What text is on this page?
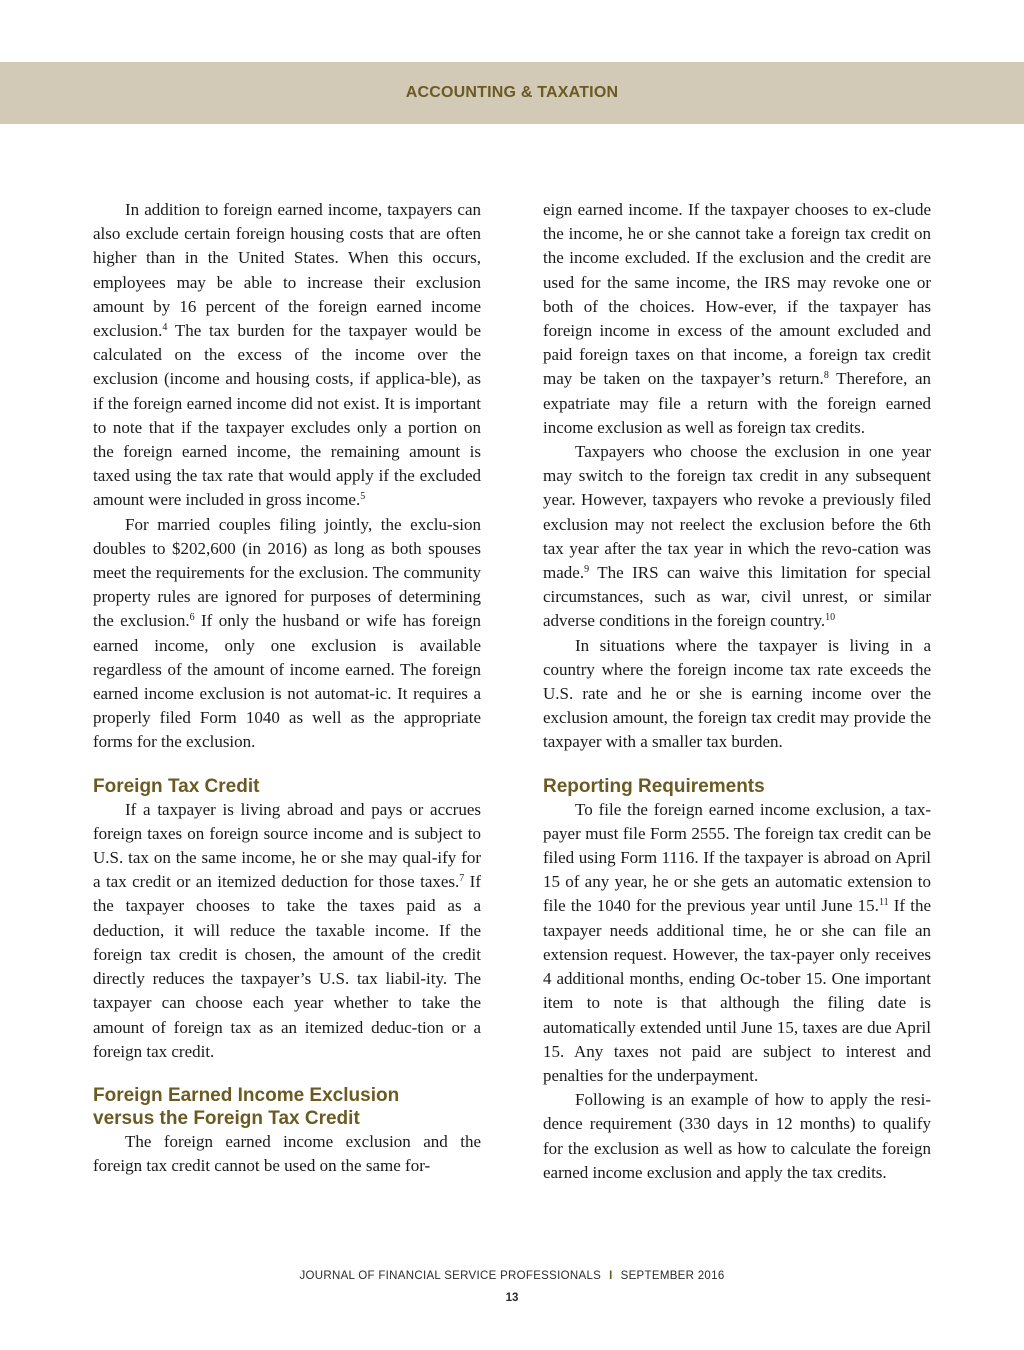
ACCOUNTING & TAXATION

In addition to foreign earned income, taxpayers can also exclude certain foreign housing costs that are often higher than in the United States. When this occurs, employees may be able to increase their exclusion amount by 16 percent of the foreign earned income exclusion.$^4$ The tax burden for the taxpayer would be calculated on the excess of the income over the exclusion (income and housing costs, if applica-ble), as if the foreign earned income did not exist. It is important to note that if the taxpayer excludes only a portion on the foreign earned income, the remaining amount is taxed using the tax rate that would apply if the excluded amount were included in gross income.$^5$

For married couples filing jointly, the exclu-sion doubles to $202,600 (in 2016) as long as both spouses meet the requirements for the exclusion. The community property rules are ignored for purposes of determining the exclusion.$^6$ If only the husband or wife has foreign earned income, only one exclusion is available regardless of the amount of income earned. The foreign earned income exclusion is not automat-ic. It requires a properly filed Form 1040 as well as the appropriate forms for the exclusion.

Foreign Tax Credit

If a taxpayer is living abroad and pays or accrues foreign taxes on foreign source income and is subject to U.S. tax on the same income, he or she may qual-ify for a tax credit or an itemized deduction for those taxes.$^7$ If the taxpayer chooses to take the taxes paid as a deduction, it will reduce the taxable income. If the foreign tax credit is chosen, the amount of the credit directly reduces the taxpayer’s U.S. tax liabil-ity. The taxpayer can choose each year whether to take the amount of foreign tax as an itemized deduc-tion or a foreign tax credit.

Foreign Earned Income Exclusion
versus the Foreign Tax Credit

The foreign earned income exclusion and the foreign tax credit cannot be used on the same for-

eign earned income. If the taxpayer chooses to ex-clude the income, he or she cannot take a foreign tax credit on the income excluded. If the exclusion and the credit are used for the same income, the IRS may revoke one or both of the choices. How-ever, if the taxpayer has foreign income in excess of the amount excluded and paid foreign taxes on that income, a foreign tax credit may be taken on the taxpayer’s return.$^8$ Therefore, an expatriate may file a return with the foreign earned income exclusion as well as foreign tax credits.

Taxpayers who choose the exclusion in one year may switch to the foreign tax credit in any subsequent year. However, taxpayers who revoke a previously filed exclusion may not reelect the exclusion before the 6th tax year after the tax year in which the revo-cation was made.$^9$ The IRS can waive this limitation for special circumstances, such as war, civil unrest, or similar adverse conditions in the foreign country.$^{10}$

In situations where the taxpayer is living in a country where the foreign income tax rate exceeds the U.S. rate and he or she is earning income over the exclusion amount, the foreign tax credit may provide the taxpayer with a smaller tax burden.

Reporting Requirements

To file the foreign earned income exclusion, a tax-payer must file Form 2555. The foreign tax credit can be filed using Form 1116. If the taxpayer is abroad on April 15 of any year, he or she gets an automatic extension to file the 1040 for the previous year until June 15.11 If the taxpayer needs additional time, he or she can file an extension request. However, the tax-payer only receives 4 additional months, ending Oc-tober 15. One important item to note is that although the filing date is automatically extended until June 15, taxes are due April 15. Any taxes not paid are subject to interest and penalties for the underpayment.

Following is an example of how to apply the resi-dence requirement (330 days in 12 months) to qualify for the exclusion as well as how to calculate the foreign earned income exclusion and apply the tax credits.

JOURNAL OF FINANCIAL SERVICE PROFESSIONALS I SEPTEMBER 2016
13
